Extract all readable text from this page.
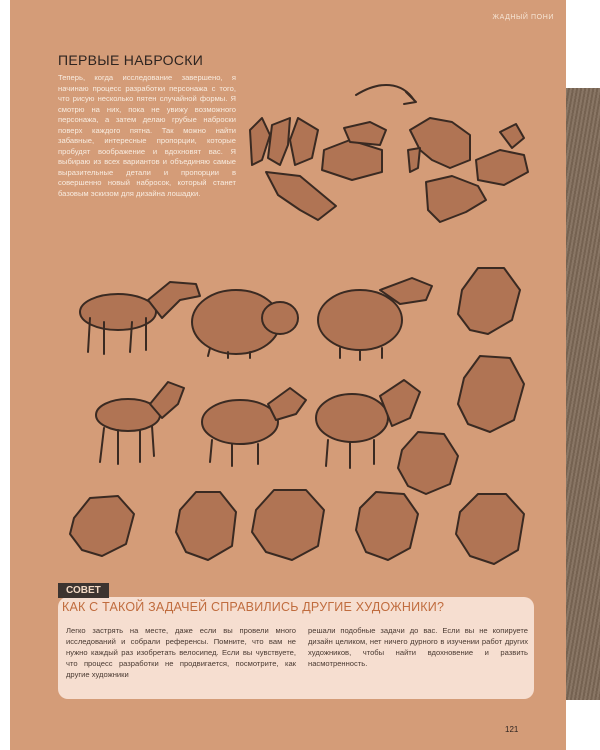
ЖАДНЫЙ ПОНИ
ПЕРВЫЕ НАБРОСКИ

Теперь, когда исследование завершено, я начинаю процесс разработки персонажа с того, что рисую несколько пятен случайной формы. Я смотрю на них, пока не увижу возможного персонажа, а затем делаю грубые наброски поверх каждого пятна. Так можно найти забавные, интересные пропорции, которые пробудят воображение и вдохновят вас. Я выбираю из всех вариантов и объединяю самые выразительные детали и пропорции в совершенно новый набросок, который станет базовым эскизом для дизайна лошадки.

СОВЕТ
КАК С ТАКОЙ ЗАДАЧЕЙ СПРАВИЛИСЬ ДРУГИЕ ХУДОЖНИКИ?
Легко застрять на месте, даже если вы провели много исследований и собрали референсы. Помните, что вам не нужно каждый раз изобретать велосипед. Если вы чувствуете, что процесс разработки не продвигается, посмотрите, как другие художники
решали подобные задачи до вас. Если вы не копируете дизайн целиком, нет ничего дурного в изучении работ других художников, чтобы найти вдохновение и развить насмотренность.
121
